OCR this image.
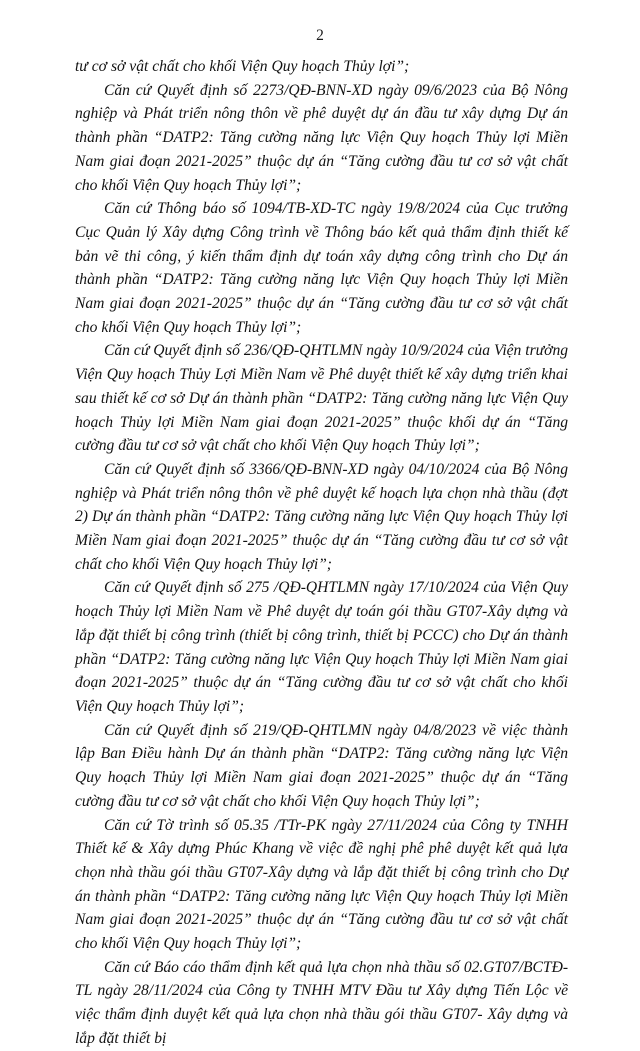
2

tư cơ sở vật chất cho khối Viện Quy hoạch Thủy lợi”;

Căn cứ Quyết định số 2273/QĐ-BNN-XD ngày 09/6/2023 của Bộ Nông nghiệp và Phát triển nông thôn về phê duyệt dự án đầu tư xây dựng Dự án thành phần “DATP2: Tăng cường năng lực Viện Quy hoạch Thủy lợi Miền Nam giai đoạn 2021-2025” thuộc dự án “Tăng cường đầu tư cơ sở vật chất cho khối Viện Quy hoạch Thủy lợi”;

Căn cứ Thông báo số 1094/TB-XD-TC ngày 19/8/2024 của Cục trưởng Cục Quản lý Xây dựng Công trình về Thông báo kết quả thẩm định thiết kế bản vẽ thi công, ý kiến thẩm định dự toán xây dựng công trình cho Dự án thành phần “DATP2: Tăng cường năng lực Viện Quy hoạch Thủy lợi Miền Nam giai đoạn 2021-2025” thuộc dự án “Tăng cường đầu tư cơ sở vật chất cho khối Viện Quy hoạch Thủy lợi”;

Căn cứ Quyết định số 236/QĐ-QHTLMN ngày 10/9/2024 của Viện trưởng Viện Quy hoạch Thủy Lợi Miền Nam về Phê duyệt thiết kế xây dựng triển khai sau thiết kế cơ sở Dự án thành phần “DATP2: Tăng cường năng lực Viện Quy hoạch Thủy lợi Miền Nam giai đoạn 2021-2025” thuộc khối dự án “Tăng cường đầu tư cơ sở vật chất cho khối Viện Quy hoạch Thủy lợi”;

Căn cứ Quyết định số 3366/QĐ-BNN-XD ngày 04/10/2024 của Bộ Nông nghiệp và Phát triển nông thôn về phê duyệt kế hoạch lựa chọn nhà thầu (đợt 2) Dự án thành phần “DATP2: Tăng cường năng lực Viện Quy hoạch Thủy lợi Miền Nam giai đoạn 2021-2025” thuộc dự án “Tăng cường đầu tư cơ sở vật chất cho khối Viện Quy hoạch Thủy lợi”;

Căn cứ Quyết định số 275 /QĐ-QHTLMN ngày 17/10/2024 của Viện Quy hoạch Thủy lợi Miền Nam về Phê duyệt dự toán gói thầu GT07-Xây dựng và lắp đặt thiết bị công trình (thiết bị công trình, thiết bị PCCC) cho Dự án thành phần “DATP2: Tăng cường năng lực Viện Quy hoạch Thủy lợi Miền Nam giai đoạn 2021-2025” thuộc dự án “Tăng cường đầu tư cơ sở vật chất cho khối Viện Quy hoạch Thủy lợi”;

Căn cứ Quyết định số 219/QĐ-QHTLMN ngày 04/8/2023 về việc thành lập Ban Điều hành Dự án thành phần “DATP2: Tăng cường năng lực Viện Quy hoạch Thủy lợi Miền Nam giai đoạn 2021-2025” thuộc dự án “Tăng cường đầu tư cơ sở vật chất cho khối Viện Quy hoạch Thủy lợi”;

Căn cứ Tờ trình số 05.35 /TTr-PK ngày 27/11/2024 của Công ty TNHH Thiết kế & Xây dựng Phúc Khang về việc đề nghị phê phê duyệt kết quả lựa chọn nhà thầu gói thầu GT07-Xây dựng và lắp đặt thiết bị công trình cho Dự án thành phần “DATP2: Tăng cường năng lực Viện Quy hoạch Thủy lợi Miền Nam giai đoạn 2021-2025” thuộc dự án “Tăng cường đầu tư cơ sở vật chất cho khối Viện Quy hoạch Thủy lợi”;

Căn cứ Báo cáo thẩm định kết quả lựa chọn nhà thầu số 02.GT07/BCTĐ-TL ngày 28/11/2024 của Công ty TNHH MTV Đầu tư Xây dựng Tiến Lộc về việc thẩm định duyệt kết quả lựa chọn nhà thầu gói thầu GT07- Xây dựng và lắp đặt thiết bị
